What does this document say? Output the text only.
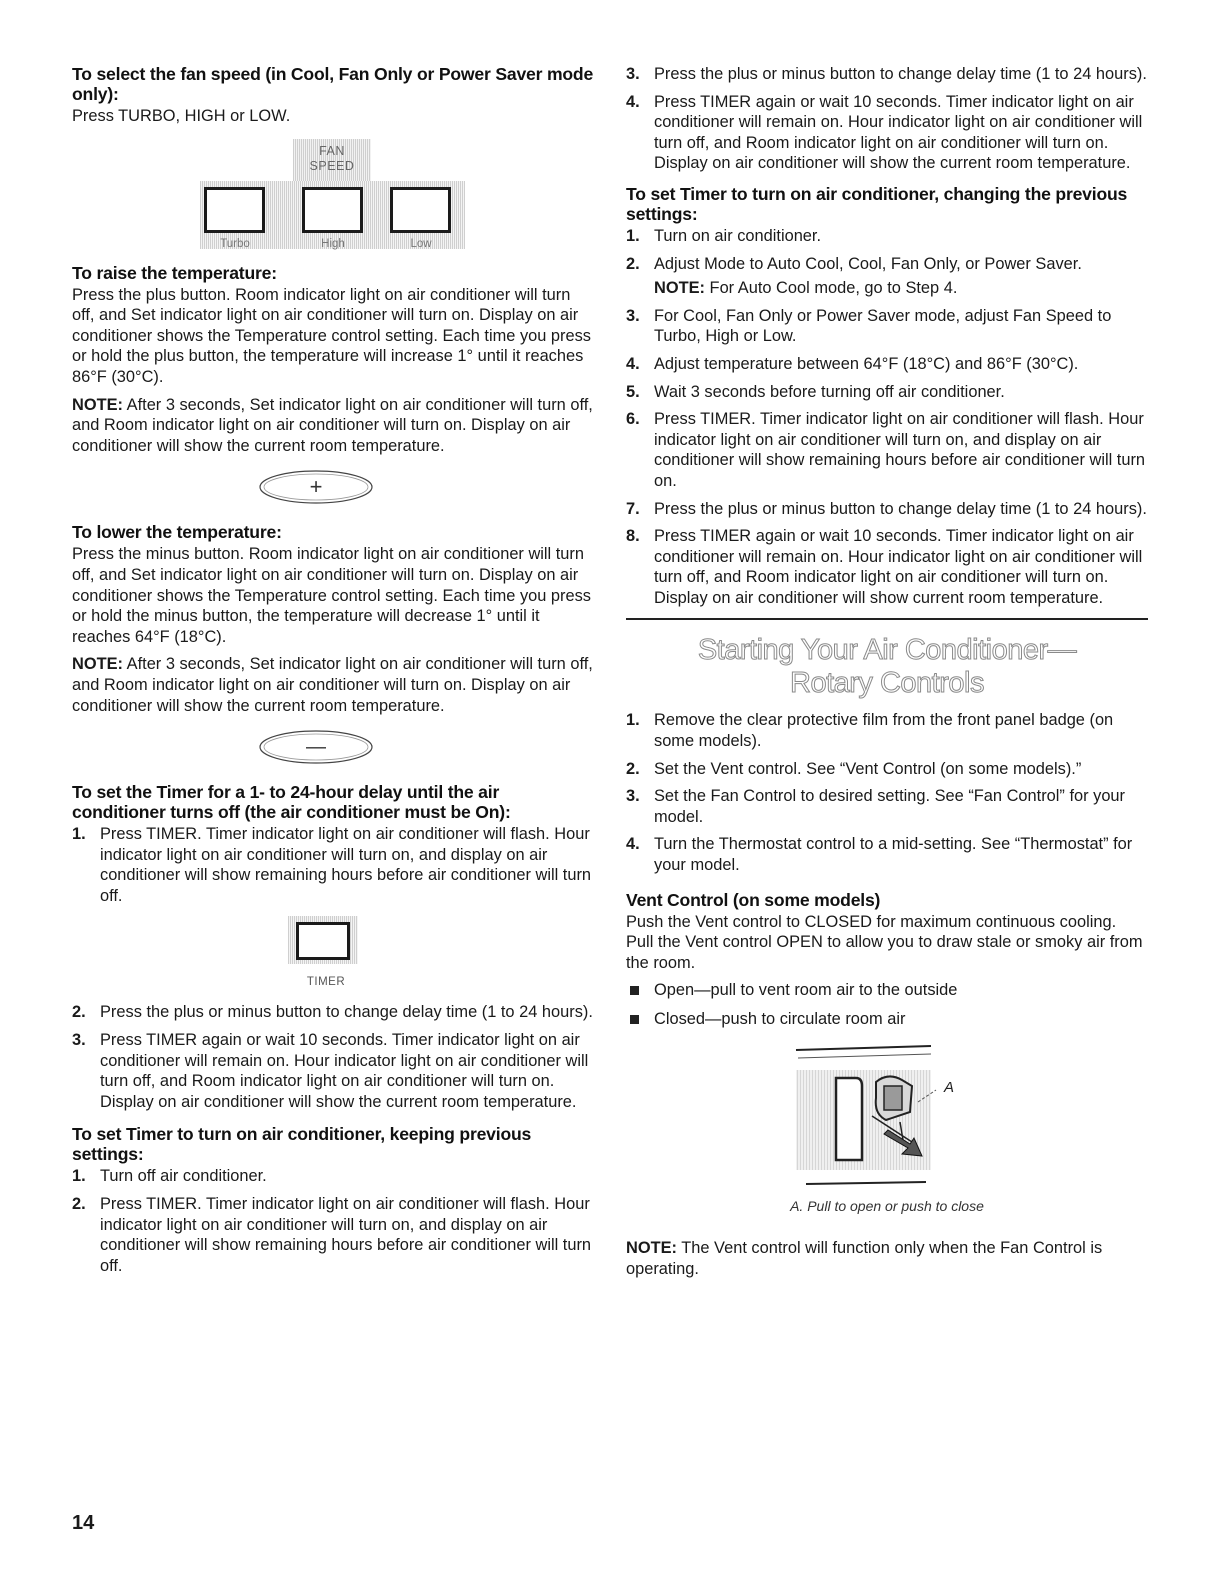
To select the fan speed (in Cool, Fan Only or Power Saver mode only):

Press TURBO, HIGH or LOW.

FAN
SPEED
Turbo	High	Low
To raise the temperature:

Press the plus button. Room indicator light on air conditioner will turn off, and Set indicator light on air conditioner will turn on. Display on air conditioner shows the Temperature control setting. Each time you press or hold the plus button, the temperature will increase 1° until it reaches 86°F (30°C).

NOTE: After 3 seconds, Set indicator light on air conditioner will turn off, and Room indicator light on air conditioner will turn on. Display on air conditioner will show the current room temperature.

+
To lower the temperature:

Press the minus button. Room indicator light on air conditioner will turn off, and Set indicator light on air conditioner will turn on. Display on air conditioner shows the Temperature control setting. Each time you press or hold the minus button, the temperature will decrease 1° until it reaches 64°F (18°C).

NOTE: After 3 seconds, Set indicator light on air conditioner will turn off, and Room indicator light on air conditioner will turn on. Display on air conditioner will show the current room temperature.

—
To set the Timer for a 1- to 24-hour delay until the air conditioner turns off (the air conditioner must be On):
1. Press TIMER. Timer indicator light on air conditioner will flash. Hour indicator light on air conditioner will turn on, and display on air conditioner will show remaining hours before air conditioner will turn off.
TIMER
2. Press the plus or minus button to change delay time (1 to 24 hours).
3. Press TIMER again or wait 10 seconds. Timer indicator light on air conditioner will remain on. Hour indicator light on air conditioner will turn off, and Room indicator light on air conditioner will turn on. Display on air conditioner will show the current room temperature.
To set Timer to turn on air conditioner, keeping previous settings:
1. Turn off air conditioner.
2. Press TIMER. Timer indicator light on air conditioner will flash. Hour indicator light on air conditioner will turn on, and display on air conditioner will show remaining hours before air conditioner will turn off.
3. Press the plus or minus button to change delay time (1 to 24 hours).
4. Press TIMER again or wait 10 seconds. Timer indicator light on air conditioner will remain on. Hour indicator light on air conditioner will turn off, and Room indicator light on air conditioner will turn on. Display on air conditioner will show the current room temperature.
To set Timer to turn on air conditioner, changing the previous settings:
1. Turn on air conditioner.
2. Adjust Mode to Auto Cool, Cool, Fan Only, or Power Saver.
NOTE: For Auto Cool mode, go to Step 4.
3. For Cool, Fan Only or Power Saver mode, adjust Fan Speed to Turbo, High or Low.
4. Adjust temperature between 64°F (18°C) and 86°F (30°C).
5. Wait 3 seconds before turning off air conditioner.
6. Press TIMER. Timer indicator light on air conditioner will flash. Hour indicator light on air conditioner will turn on, and display on air conditioner will show remaining hours before air conditioner will turn on.
7. Press the plus or minus button to change delay time (1 to 24 hours).
8. Press TIMER again or wait 10 seconds. Timer indicator light on air conditioner will remain on. Hour indicator light on air conditioner will turn off, and Room indicator light on air conditioner will turn on. Display on air conditioner will show current room temperature.
Starting Your Air Conditioner—
Rotary Controls
1. Remove the clear protective film from the front panel badge (on some models).
2. Set the Vent control. See “Vent Control (on some models).”
3. Set the Fan Control to desired setting. See “Fan Control” for your model.
4. Turn the Thermostat control to a mid-setting. See “Thermostat” for your model.
Vent Control (on some models)

Push the Vent control to CLOSED for maximum continuous cooling. Pull the Vent control OPEN to allow you to draw stale or smoky air from the room.

Open—pull to vent room air to the outside
Closed—push to circulate room air
A
A. Pull to open or push to close

NOTE: The Vent control will function only when the Fan Control is operating.

14
